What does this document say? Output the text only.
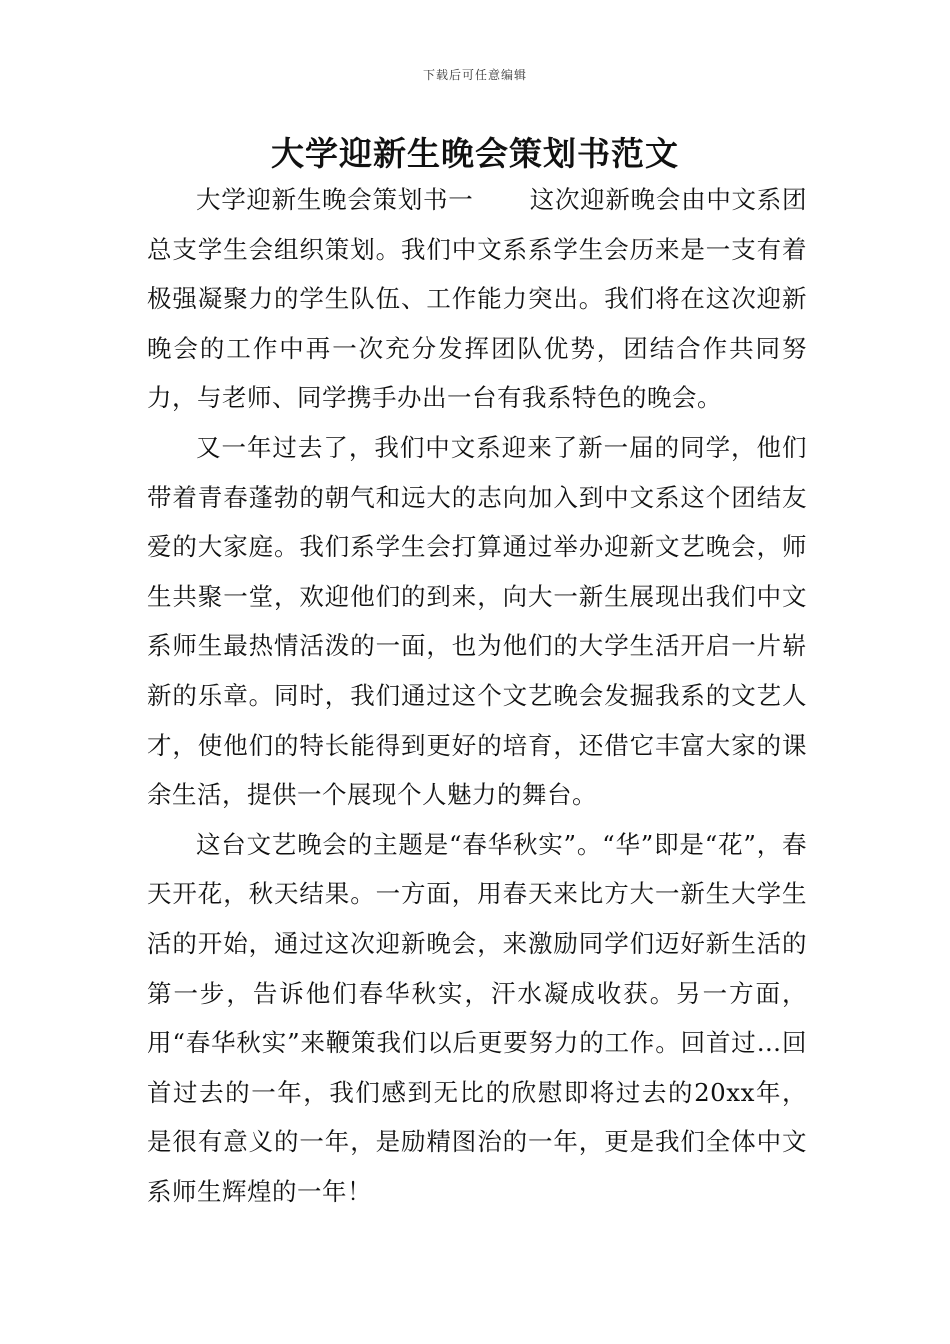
下载后可任意编辑
大学迎新生晚会策划书范文

大学迎新生晚会策划书一 这次迎新晚会由中文系团总支学生会组织策划。我们中文系系学生会历来是一支有着极强凝聚力的学生队伍、工作能力突出。我们将在这次迎新晚会的工作中再一次充分发挥团队优势，团结合作共同努力，与老师、同学携手办出一台有我系特色的晚会。

又一年过去了，我们中文系迎来了新一届的同学，他们带着青春蓬勃的朝气和远大的志向加入到中文系这个团结友爱的大家庭。我们系学生会打算通过举办迎新文艺晚会，师生共聚一堂，欢迎他们的到来，向大一新生展现出我们中文系师生最热情活泼的一面，也为他们的大学生活开启一片崭新的乐章。同时，我们通过这个文艺晚会发掘我系的文艺人才，使他们的特长能得到更好的培育，还借它丰富大家的课余生活，提供一个展现个人魅力的舞台。

这台文艺晚会的主题是“春华秋实”。“华”即是“花”，春天开花，秋天结果。一方面，用春天来比方大一新生大学生活的开始，通过这次迎新晚会，来激励同学们迈好新生活的第一步，告诉他们春华秋实，汗水凝成收获。另一方面，用“春华秋实”来鞭策我们以后更要努力的工作。回首过…回首过去的一年，我们感到无比的欣慰即将过去的20xx年，是很有意义的一年，是励精图治的一年，更是我们全体中文系师生辉煌的一年！
